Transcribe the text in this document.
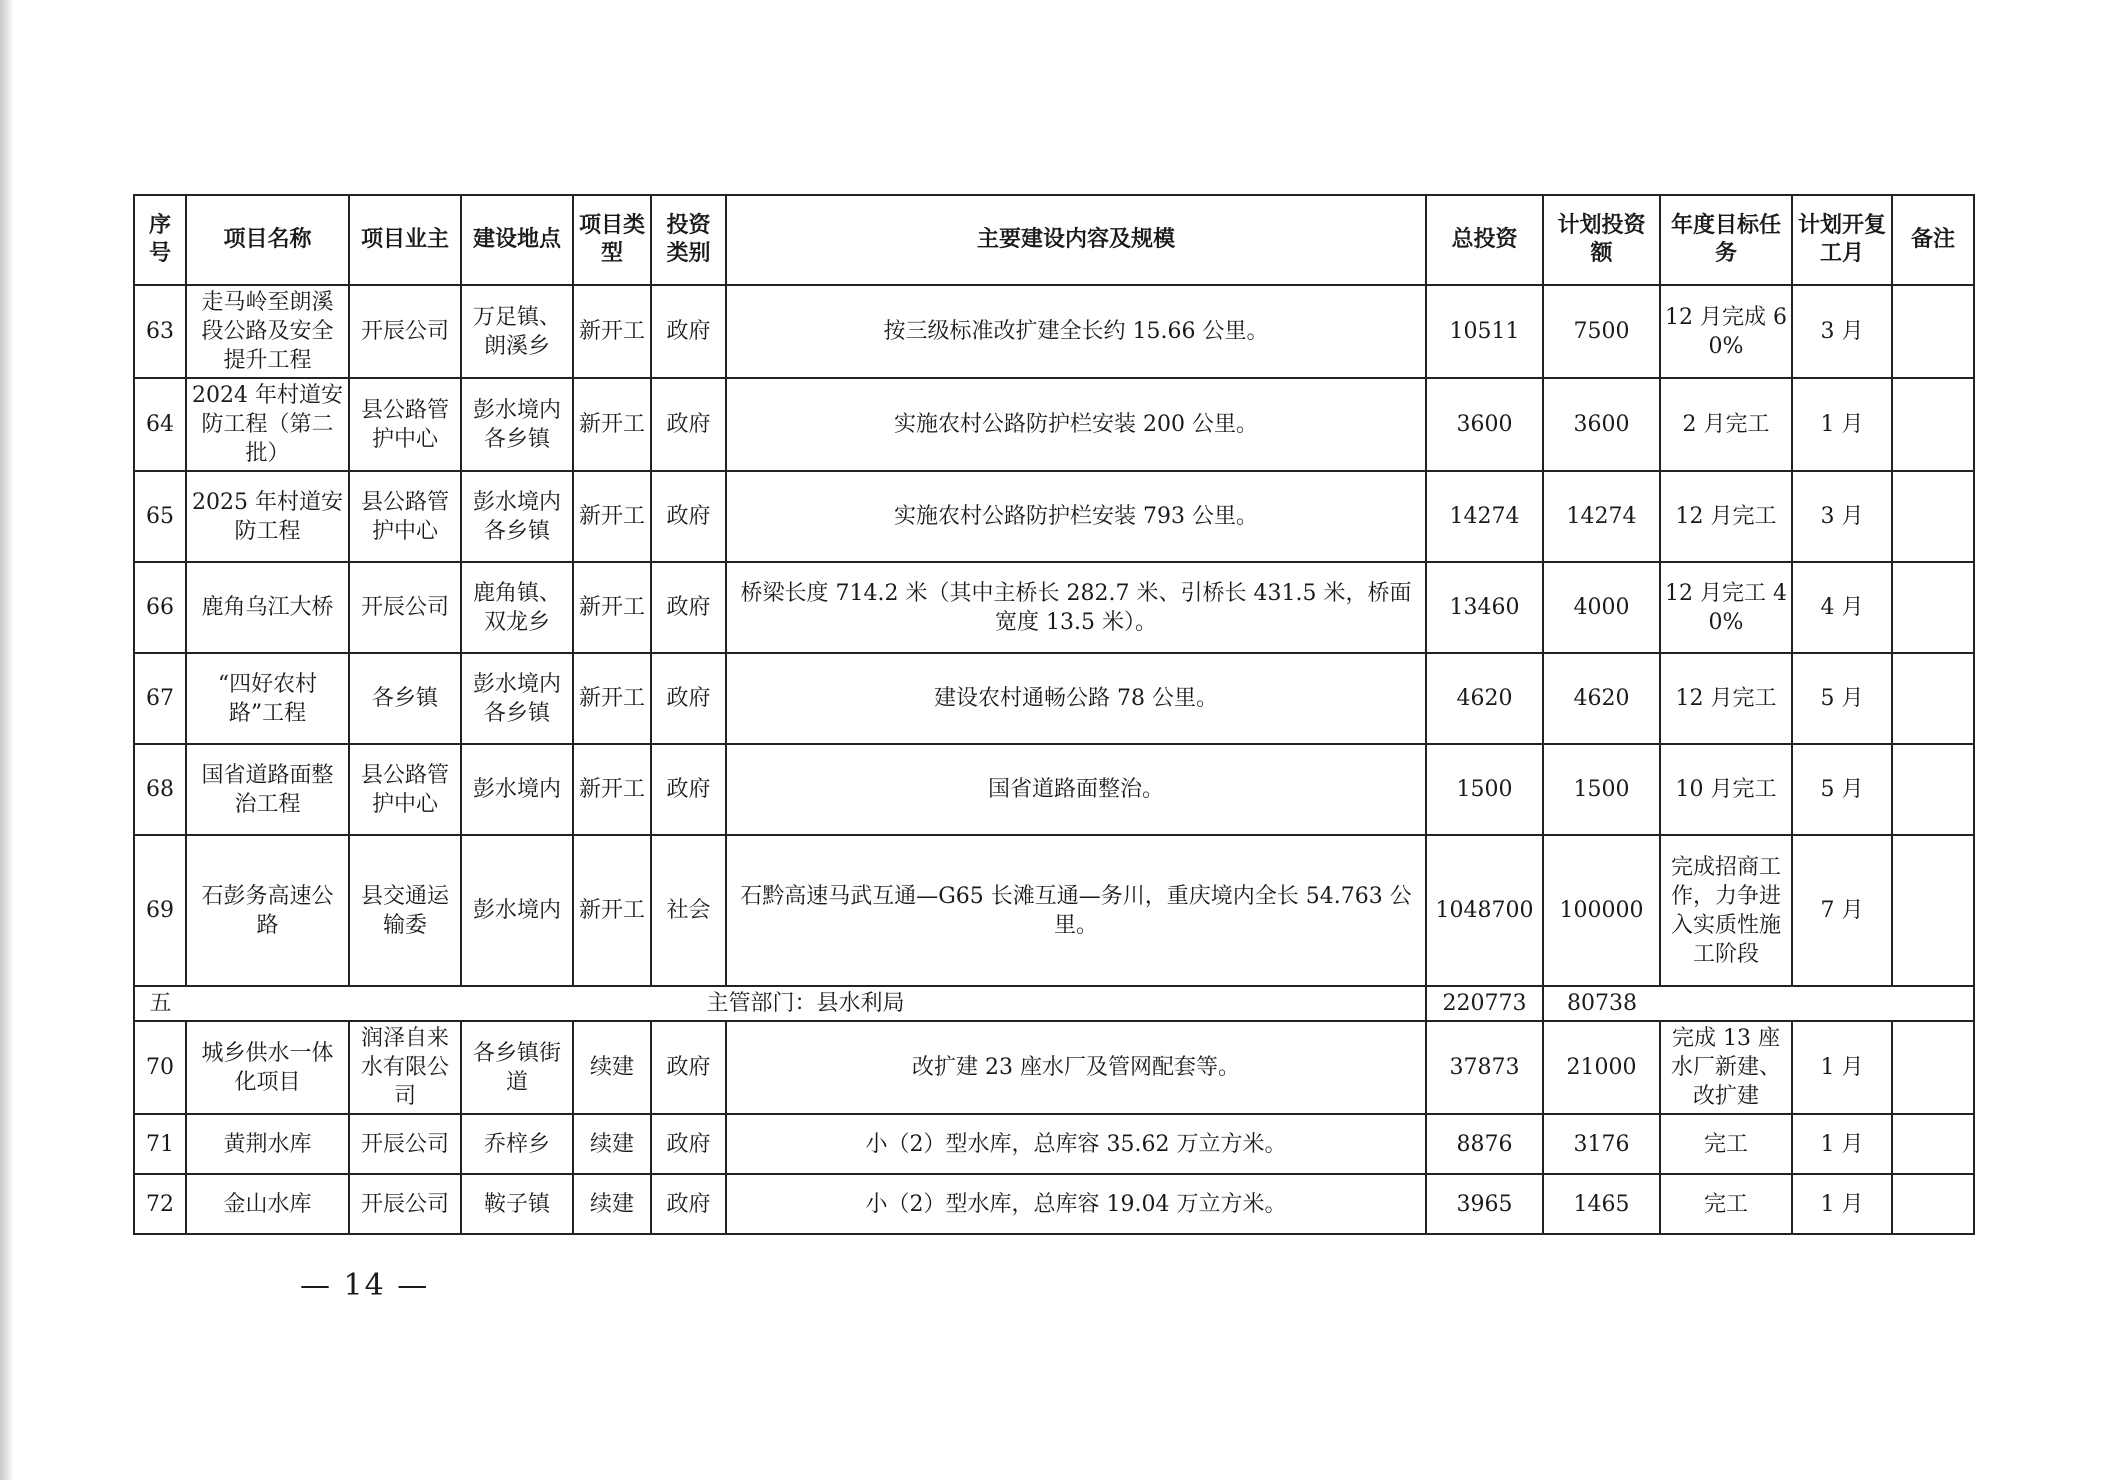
序号	项目名称	项目业主	建设地点	项目类型	投资类别	主要建设内容及规模	总投资	计划投资额	年度目标任务	计划开复工月	备注
63	走马岭至朗溪段公路及安全提升工程	开辰公司	万足镇、朗溪乡	新开工	政府	按三级标准改扩建全长约 15.66 公里。	10511	7500	12 月完成 60%	3 月	
64	2024 年村道安防工程（第二批）	县公路管护中心	彭水境内各乡镇	新开工	政府	实施农村公路防护栏安装 200 公里。	3600	3600	2 月完工	1 月	
65	2025 年村道安防工程	县公路管护中心	彭水境内各乡镇	新开工	政府	实施农村公路防护栏安装 793 公里。	14274	14274	12 月完工	3 月	
66	鹿角乌江大桥	开辰公司	鹿角镇、双龙乡	新开工	政府	桥梁长度 714.2 米（其中主桥长 282.7 米、引桥长 431.5 米，桥面宽度 13.5 米）。	13460	4000	12 月完工 40%	4 月	
67	“四好农村路”工程	各乡镇	彭水境内各乡镇	新开工	政府	建设农村通畅公路 78 公里。	4620	4620	12 月完工	5 月	
68	国省道路面整治工程	县公路管护中心	彭水境内	新开工	政府	国省道路面整治。	1500	1500	10 月完工	5 月	
69	石彭务高速公路	县交通运输委	彭水境内	新开工	社会	石黔高速马武互通—G65 长滩互通—务川，重庆境内全长 54.763 公里。	1048700	100000	完成招商工作，力争进入实质性施工阶段	7 月	
五	主管部门：县水利局						220773	80738			
70	城乡供水一体化项目	润泽自来水有限公司	各乡镇街道	续建	政府	改扩建 23 座水厂及管网配套等。	37873	21000	完成 13 座水厂新建、改扩建	1 月	
71	黄荆水库	开辰公司	乔梓乡	续建	政府	小（2）型水库，总库容 35.62 万立方米。	8876	3176	完工	1 月	
72	金山水库	开辰公司	鞍子镇	续建	政府	小（2）型水库，总库容 19.04 万立方米。	3965	1465	完工	1 月	
— 14 —
